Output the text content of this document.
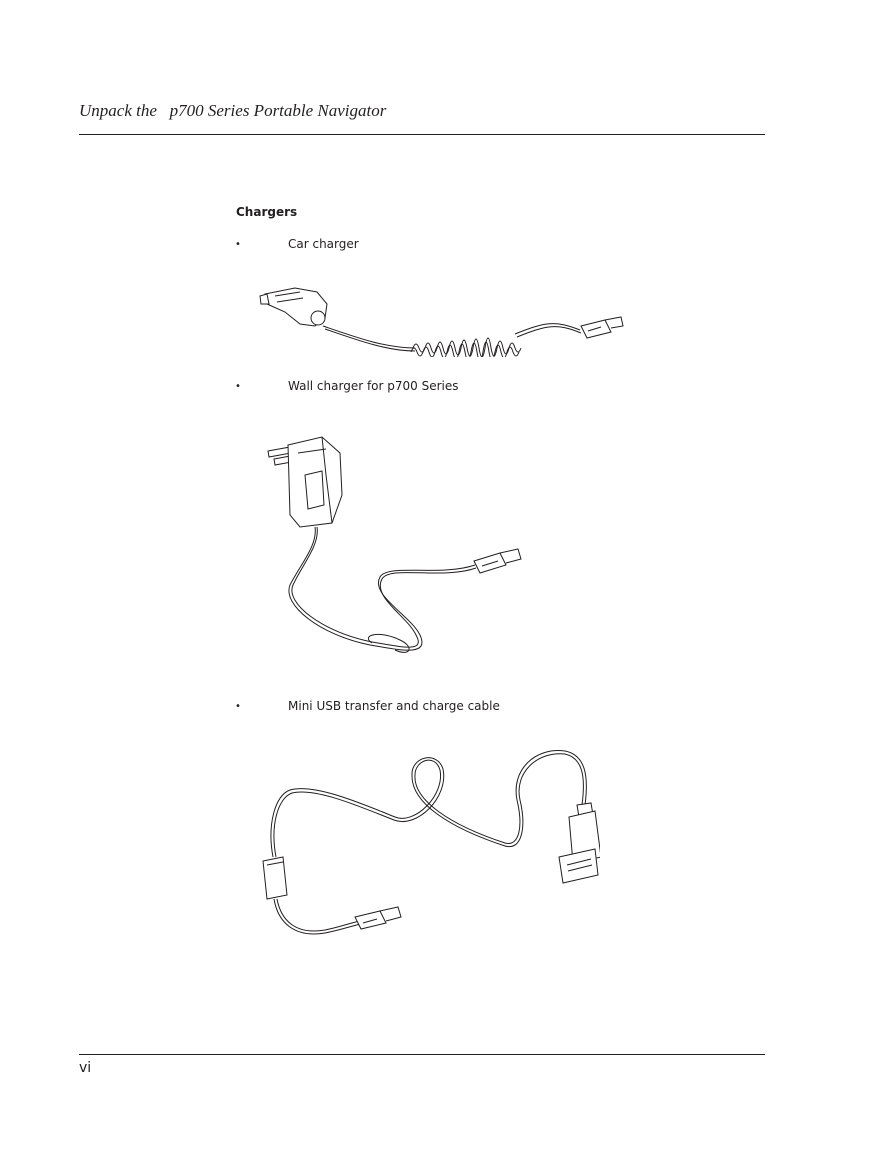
Unpack the   p700 Series Portable Navigator
Chargers
•	Car charger
•	Wall charger for p700 Series
•	Mini USB transfer and charge cable
vi
